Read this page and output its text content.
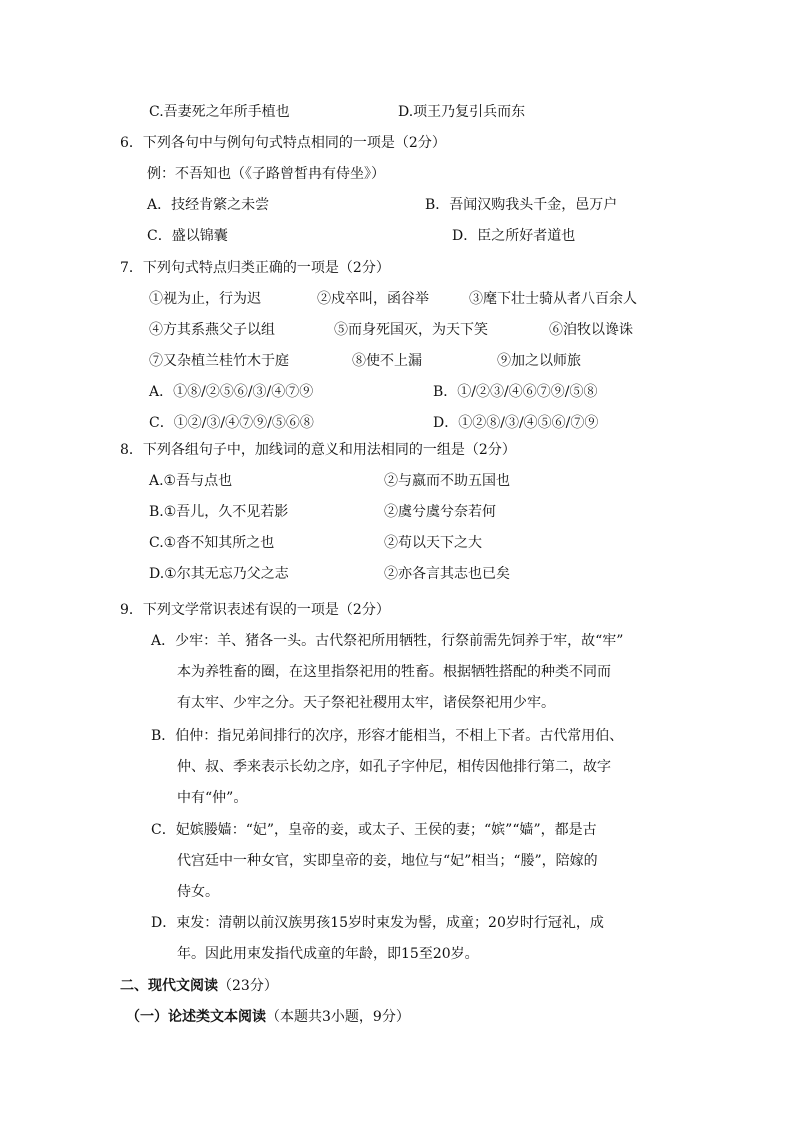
C.吾妻死之年所手植也	D.项王乃复引兵而东
6．下列各句中与例句句式特点相同的一项是（2分）
例：不吾知也（《子路曾皙冉有侍坐》）
A．技经肯綮之未尝	B．吾闻汉购我头千金，邑万户
C．盛以锦囊	D．臣之所好者道也
7．下列句式特点归类正确的一项是（2分）
①视为止，行为迟	②戍卒叫，函谷举	③麾下壮士骑从者八百余人
④方其系燕父子以组	⑤而身死国灭，为天下笑	⑥洎牧以谗诛
⑦又杂植兰桂竹木于庭	⑧使不上漏	⑨加之以师旅
A．①⑧/②⑤⑥/③/④⑦⑨	B．①/②③/④⑥⑦⑨/⑤⑧
C．①②/③/④⑦⑨/⑤⑥⑧	D．①②⑧/③/④⑤⑥/⑦⑨
8．下列各组句子中，加线词的意义和用法相同的一组是（2分）
A.①吾与点也	②与嬴而不助五国也
B.①吾儿，久不见若影	②虞兮虞兮奈若何
C.①沓不知其所之也	②苟以天下之大
D.①尔其无忘乃父之志	②亦各言其志也已矣
9．下列文学常识表述有误的一项是（2分）
A．少牢：羊、猪各一头。古代祭祀所用牺牲，行祭前需先饲养于牢，故“牢”
本为养牲畜的圈，在这里指祭祀用的牲畜。根据牺牲搭配的种类不同而
有太牢、少牢之分。天子祭祀社稷用太牢，诸侯祭祀用少牢。
B．伯仲：指兄弟间排行的次序，形容才能相当，不相上下者。古代常用伯、
仲、叔、季来表示长幼之序，如孔子字仲尼，相传因他排行第二，故字
中有“仲”。
C．妃嫔媵嫱：“妃”，皇帝的妾，或太子、王侯的妻；“嫔”“嫱”，都是古
代宫廷中一种女官，实即皇帝的妾，地位与“妃”相当；“媵”，陪嫁的
侍女。
D．束发：清朝以前汉族男孩15岁时束发为髻，成童；20岁时行冠礼，成
年。因此用束发指代成童的年龄，即15至20岁。
二、现代文阅读（23分）
（一）论述类文本阅读（本题共3小题，9分）
